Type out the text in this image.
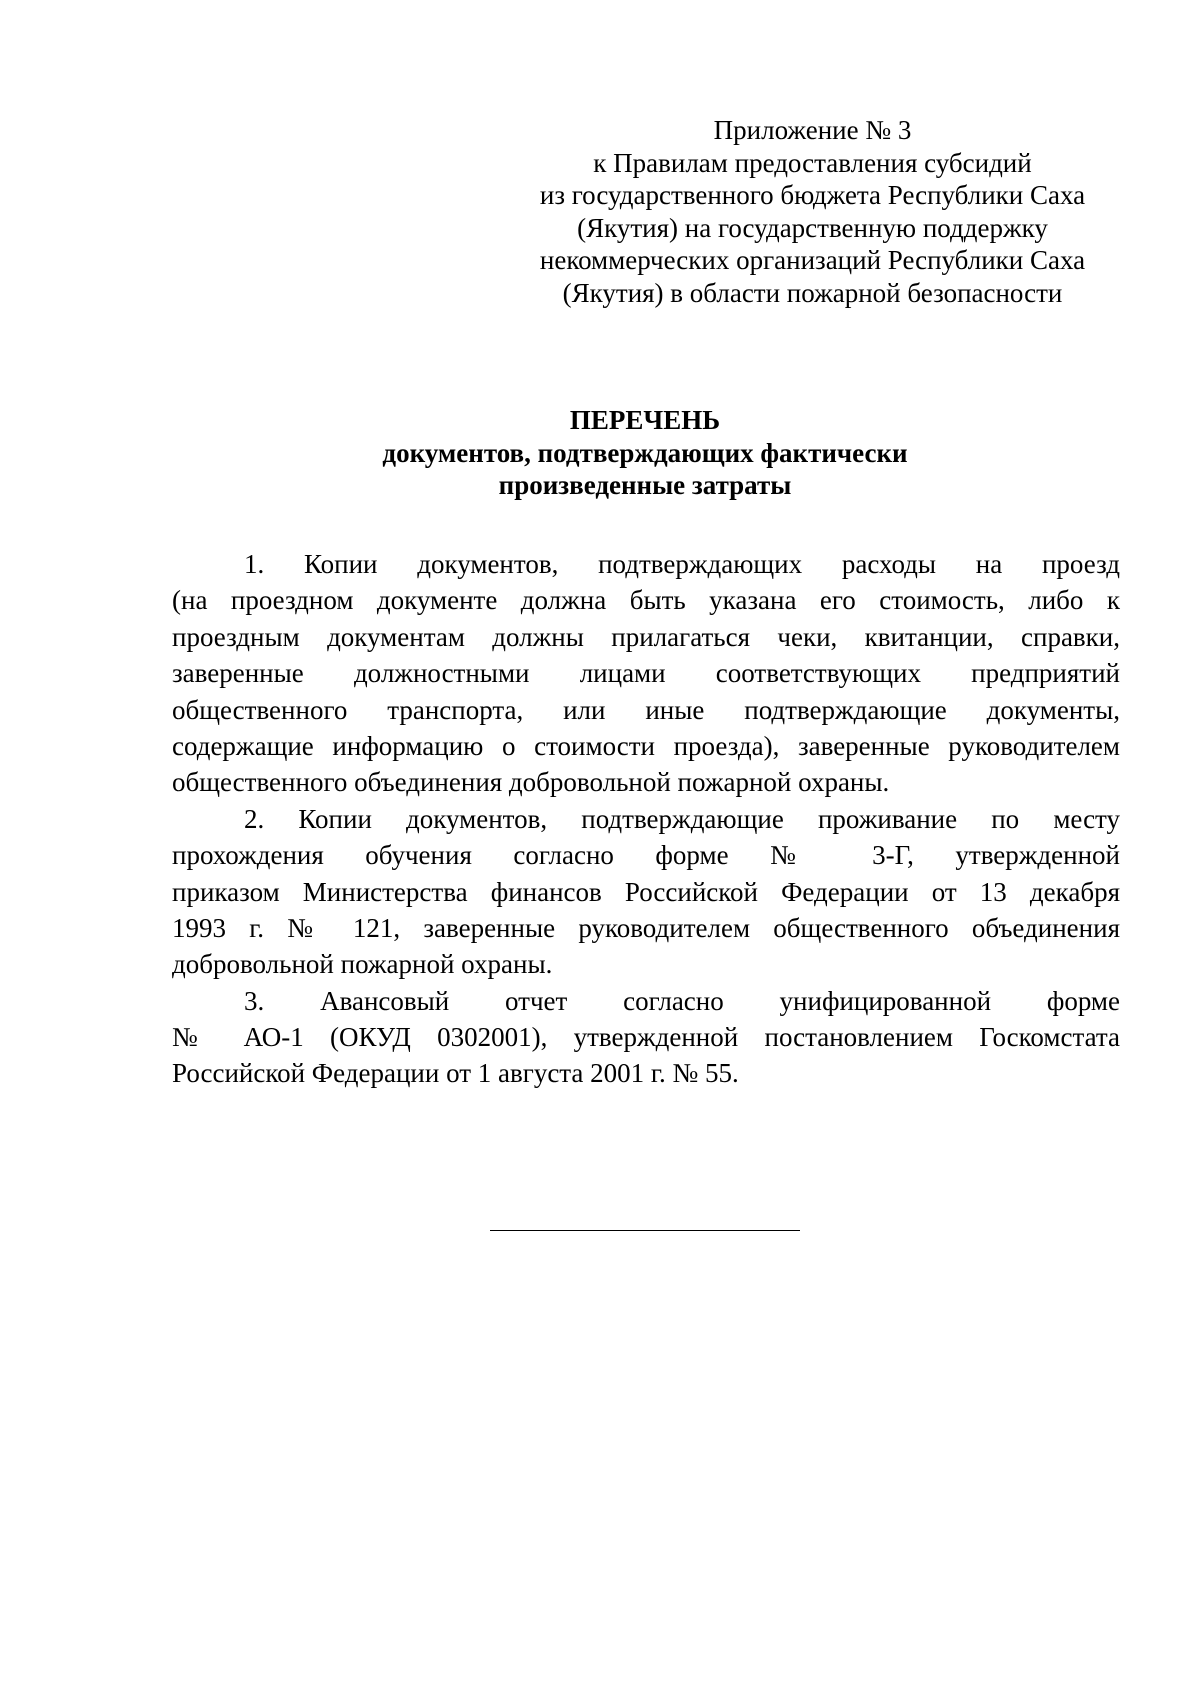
Приложение № 3
к Правилам предоставления субсидий
из государственного бюджета Республики Саха
(Якутия) на государственную поддержку
некоммерческих организаций Республики Саха
(Якутия) в области пожарной безопасности
ПЕРЕЧЕНЬ
документов, подтверждающих фактически
произведенные затраты
1. Копии документов, подтверждающих расходы на проезд
(на проездном документе должна быть указана его стоимость, либо к
проездным документам должны прилагаться чеки, квитанции, справки,
заверенные должностными лицами соответствующих предприятий
общественного транспорта, или иные подтверждающие документы,
содержащие информацию о стоимости проезда), заверенные руководителем
общественного объединения добровольной пожарной охраны.
2. Копии документов, подтверждающие проживание по месту
прохождения обучения согласно форме № 3-Г, утвержденной
приказом Министерства финансов Российской Федерации от 13 декабря
1993 г. № 121, заверенные руководителем общественного объединения
добровольной пожарной охраны.
3. Авансовый отчет согласно унифицированной форме
№ АО-1 (ОКУД 0302001), утвержденной постановлением Госкомстата
Российской Федерации от 1 августа 2001 г. № 55.
